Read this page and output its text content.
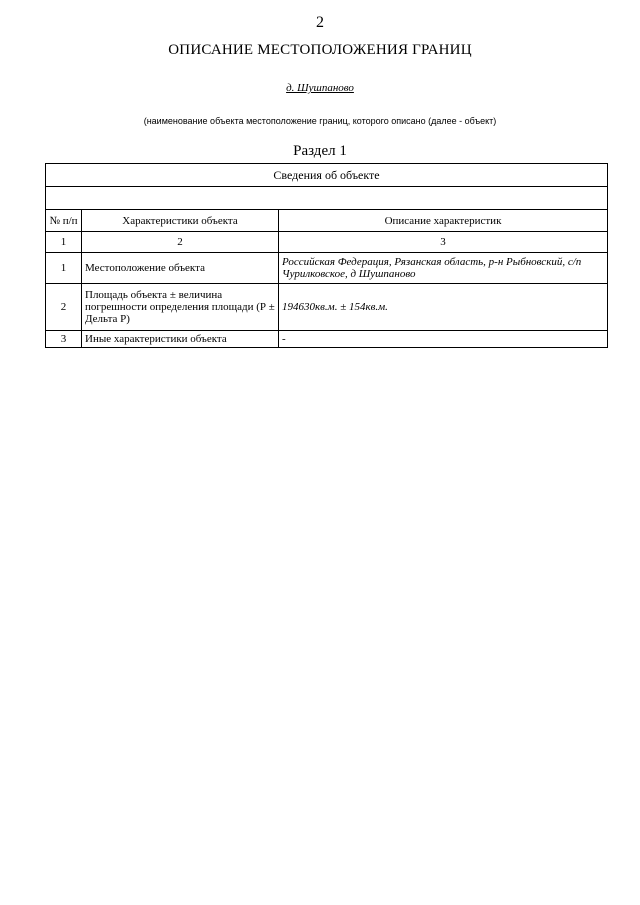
2
ОПИСАНИЕ МЕСТОПОЛОЖЕНИЯ ГРАНИЦ
д. Шушпаново
(наименование объекта местоположение границ, которого описано (далее - объект)
Раздел 1
Сведения об объекте		

№ п/п	Характеристики объекта	Описание характеристик
1	2	3
1	Местоположение объекта	Российская Федерация, Рязанская область, р-н Рыбновский, с/п Чурилковское, д Шушпаново
2	Площадь объекта ± величина погрешности определения площади (Р ± Дельта Р)	194630кв.м. ± 154кв.м.
3	Иные характеристики объекта	-
